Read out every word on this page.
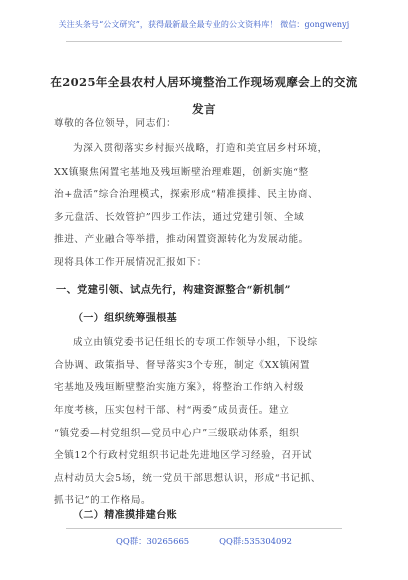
关注头条号“公文研究”，获得最新最全最专业的公文资料库！ 微信：gongwenyj
在2025年全县农村人居环境整治工作现场观摩会上的交流
发言
尊敬的各位领导，同志们：
为深入贯彻落实乡村振兴战略，打造和美宜居乡村环境，
XX镇聚焦闲置宅基地及残垣断壁治理难题，创新实施“整
治+盘活”综合治理模式，探索形成“精准摸排、民主协商、
多元盘活、长效管护”四步工作法，通过党建引领、全域
推进、产业融合等举措，推动闲置资源转化为发展动能。
现将具体工作开展情况汇报如下：
一、党建引领、试点先行，构建资源整合“新机制”
（一）组织统筹强根基
成立由镇党委书记任组长的专项工作领导小组，下设综
合协调、政策指导、督导落实3个专班，制定《XX镇闲置
宅基地及残垣断壁整治实施方案》，将整治工作纳入村级
年度考核，压实包村干部、村“两委”成员责任。建立
“镇党委—村党组织—党员中心户”三级联动体系，组织
全镇12个行政村党组织书记赴先进地区学习经验，召开试
点村动员大会5场，统一党员干部思想认识，形成“书记抓、
抓书记”的工作格局。
（二）精准摸排建台账
QQ群：30265665	QQ群:535304092
